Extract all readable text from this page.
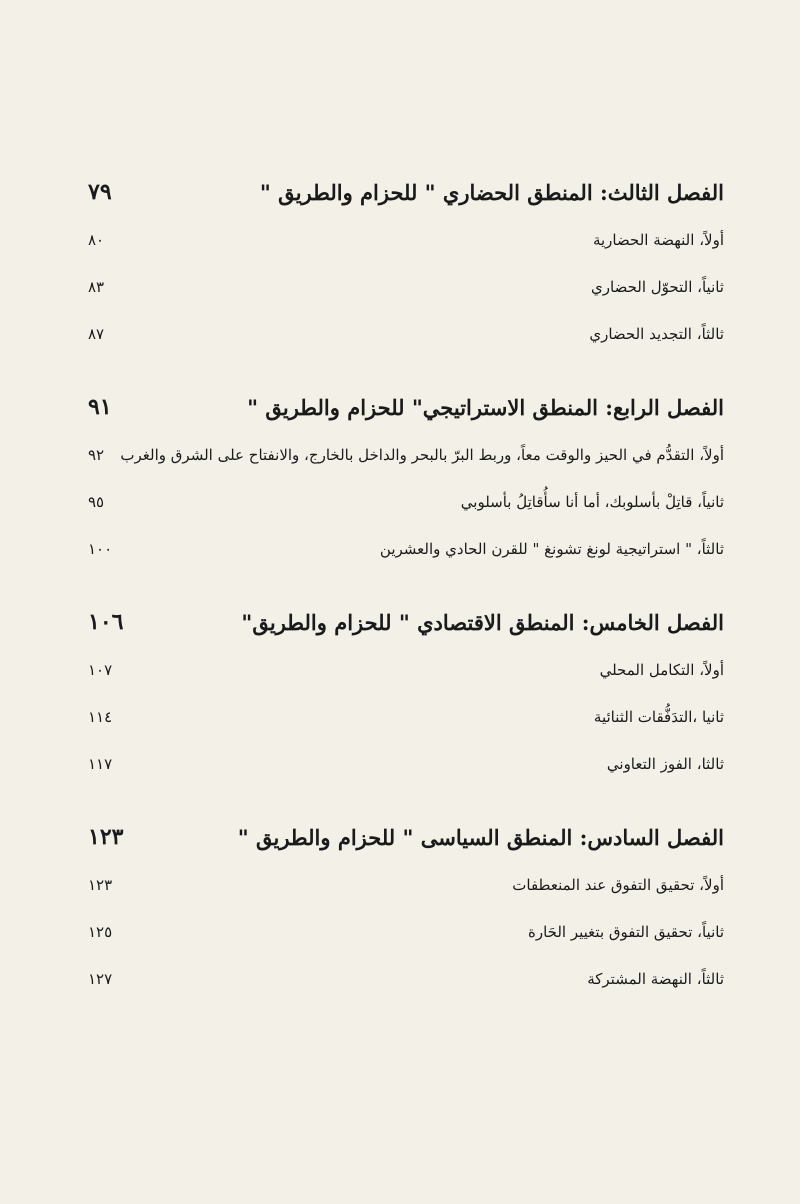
الفصل الثالث: المنطق الحضاري " للحزام والطريق "
٧٩
أولاً، النهضة الحضارية
٨٠
ثانياً، التحوّل الحضاري
٨٣
ثالثاً، التجديد الحضاري
٨٧
الفصل الرابع: المنطق الاستراتيجي" للحزام والطريق "
٩١
أولاً، التقدُّم في الحيز والوقت معاً، وربط البرّ بالبحر والداخل بالخارج، والانفتاح على الشرق والغرب
٩٢
ثانياً، قاتِلْ بأسلوبك، أما أنا سأُقاتِلُ بأسلوبي
٩٥
ثالثاً، " استراتيجية لونغ تشونغ " للقرن الحادي والعشرين
١٠٠
الفصل الخامس: المنطق الاقتصادي " للحزام والطريق"
١٠٦
أولاً، التكامل المحلي
١٠٧
ثانيا ،التدَفُّقات الثنائية
١١٤
ثالثا، الفوز التعاوني
١١٧
الفصل السادس: المنطق السياسى " للحزام والطريق "
١٢٣
أولاً، تحقيق التفوق عند المنعطفات
١٢٣
ثانياً، تحقيق التفوق بتغيير الحَارة
١٢٥
ثالثاً، النهضة المشتركة
١٢٧
